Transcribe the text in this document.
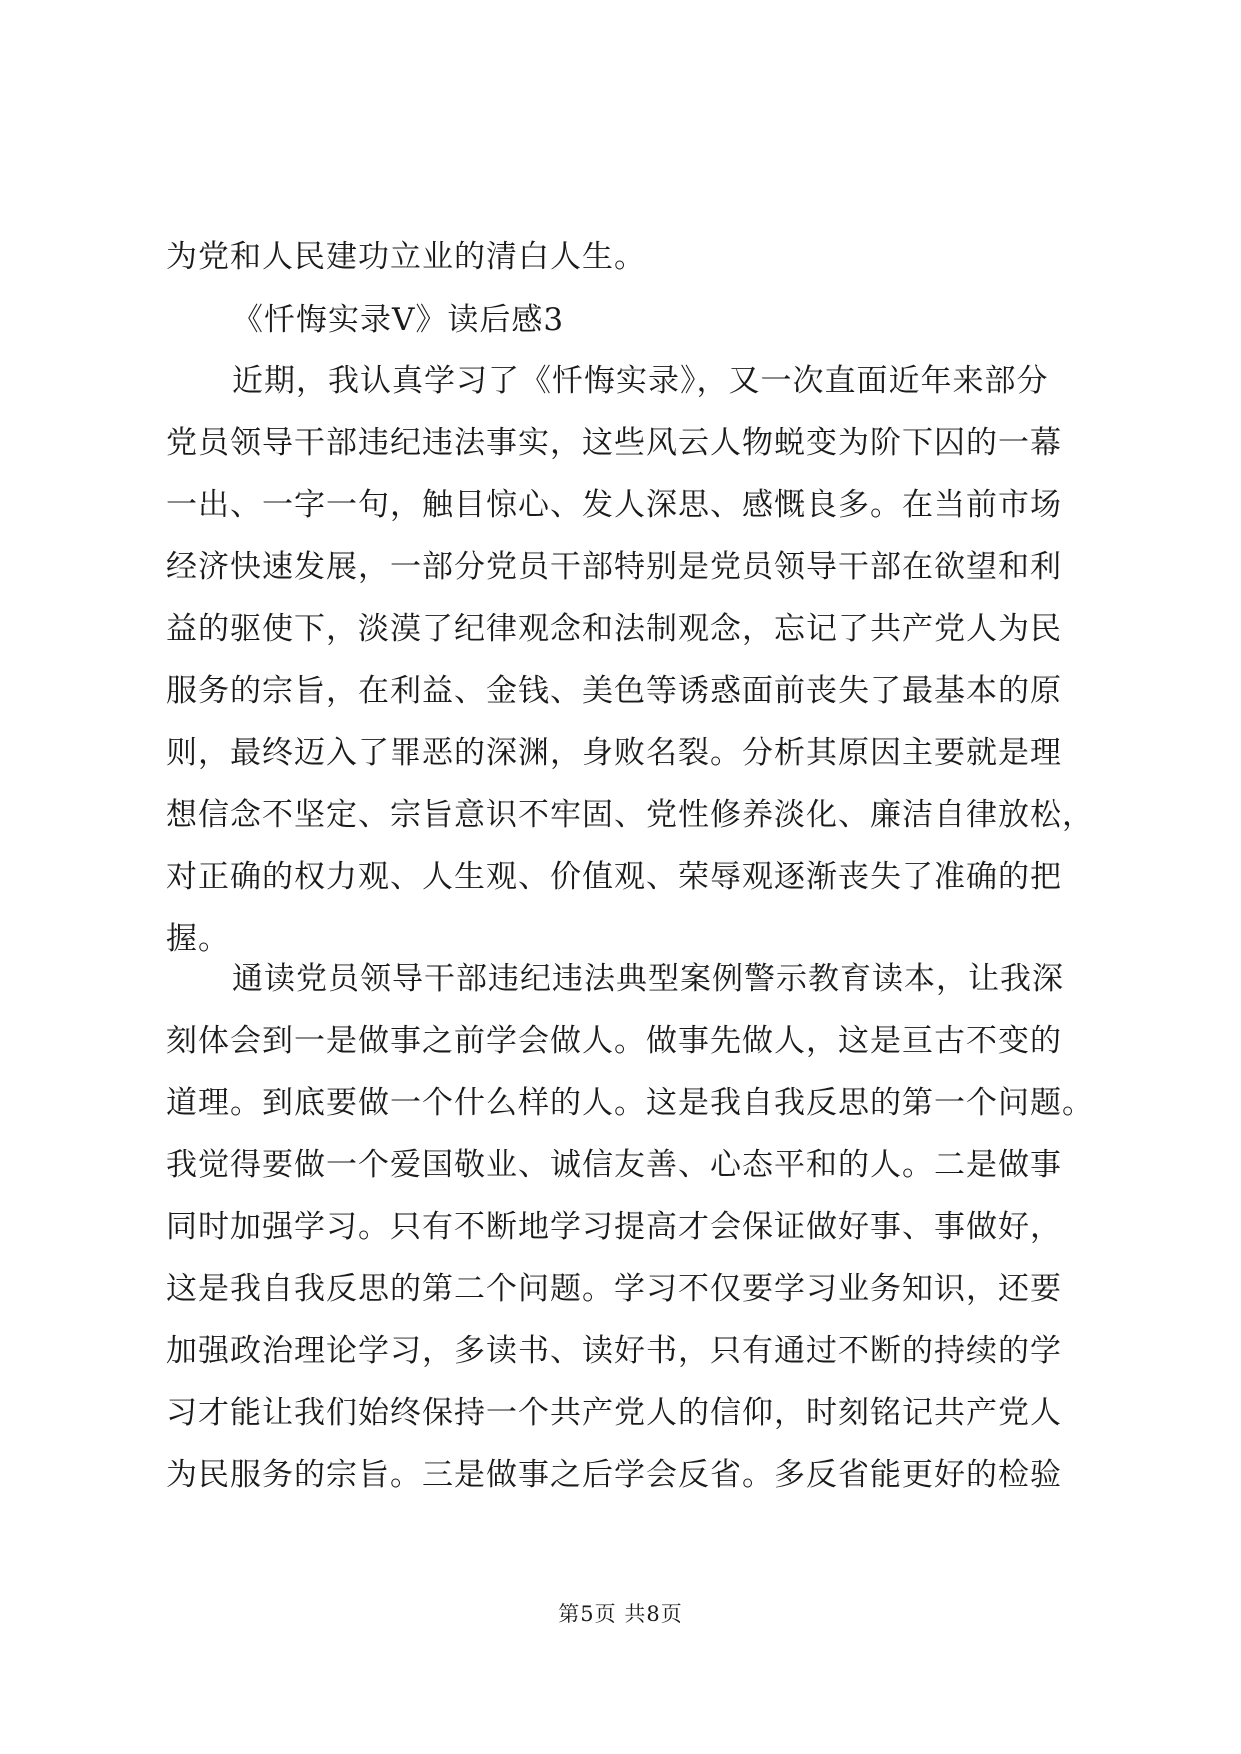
为党和人民建功立业的清白人生。
《忏悔实录Ⅴ》读后感3
近期，我认真学习了《忏悔实录》，又一次直面近年来部分
党员领导干部违纪违法事实，这些风云人物蜕变为阶下囚的一幕
一出、一字一句，触目惊心、发人深思、感慨良多。在当前市场
经济快速发展，一部分党员干部特别是党员领导干部在欲望和利
益的驱使下，淡漠了纪律观念和法制观念，忘记了共产党人为民
服务的宗旨，在利益、金钱、美色等诱惑面前丧失了最基本的原
则，最终迈入了罪恶的深渊，身败名裂。分析其原因主要就是理
想信念不坚定、宗旨意识不牢固、党性修养淡化、廉洁自律放松，
对正确的权力观、人生观、价值观、荣辱观逐渐丧失了准确的把
握。
通读党员领导干部违纪违法典型案例警示教育读本，让我深
刻体会到一是做事之前学会做人。做事先做人，这是亘古不变的
道理。到底要做一个什么样的人。这是我自我反思的第一个问题。
我觉得要做一个爱国敬业、诚信友善、心态平和的人。二是做事
同时加强学习。只有不断地学习提高才会保证做好事、事做好，
这是我自我反思的第二个问题。学习不仅要学习业务知识，还要
加强政治理论学习，多读书、读好书，只有通过不断的持续的学
习才能让我们始终保持一个共产党人的信仰，时刻铭记共产党人
为民服务的宗旨。三是做事之后学会反省。多反省能更好的检验
第5页 共8页
